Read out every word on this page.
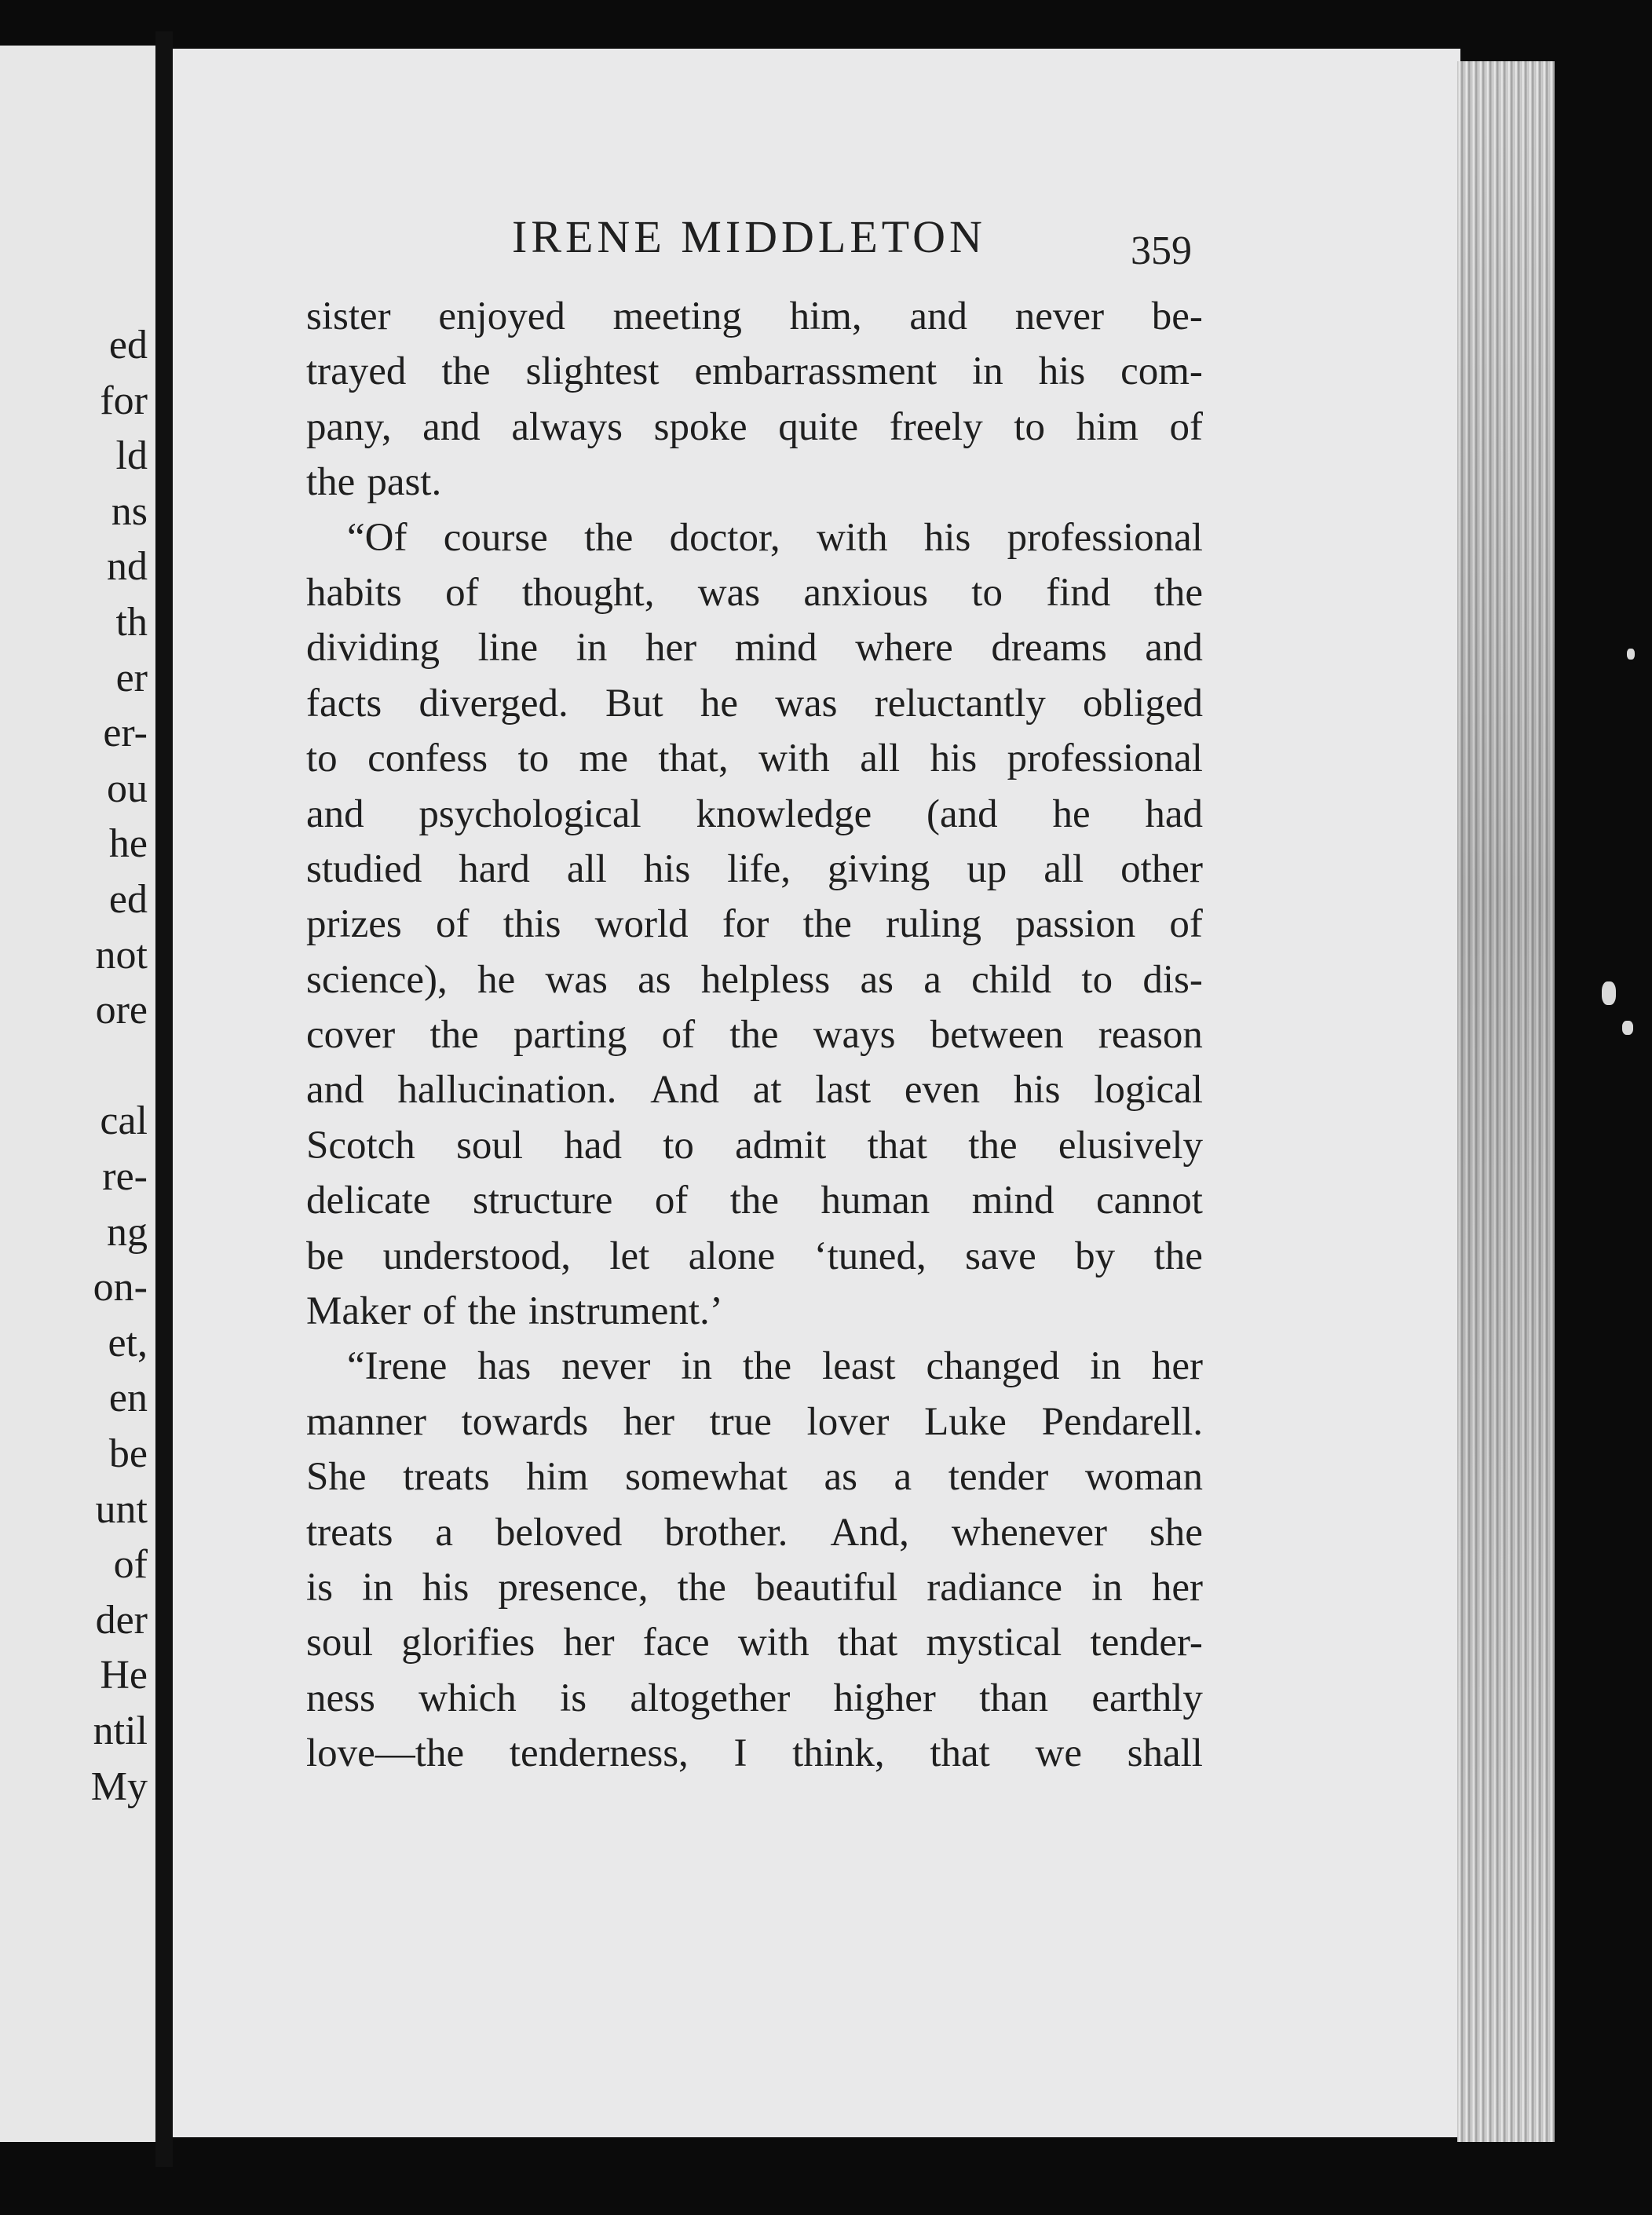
ed
for
ld
ns
nd
th
er
er-
ou
he
ed
not
ore
cal
re-
ng
on-
et,
en
be
unt
of
der
He
ntil
My
IRENE MIDDLETON	359
sister enjoyed meeting him, and never be-
trayed the slightest embarrassment in his com-
pany, and always spoke quite freely to him of
the past.
“Of course the doctor, with his professional
habits of thought, was anxious to find the
dividing line in her mind where dreams and
facts diverged. But he was reluctantly obliged
to confess to me that, with all his professional
and psychological knowledge (and he had
studied hard all his life, giving up all other
prizes of this world for the ruling passion of
science), he was as helpless as a child to dis-
cover the parting of the ways between reason
and hallucination. And at last even his logical
Scotch soul had to admit that the elusively
delicate structure of the human mind cannot
be understood, let alone ‘tuned, save by the
Maker of the instrument.’
“Irene has never in the least changed in her
manner towards her true lover Luke Pendarell.
She treats him somewhat as a tender woman
treats a beloved brother. And, whenever she
is in his presence, the beautiful radiance in her
soul glorifies her face with that mystical tender-
ness which is altogether higher than earthly
love—the tenderness, I think, that we shall
